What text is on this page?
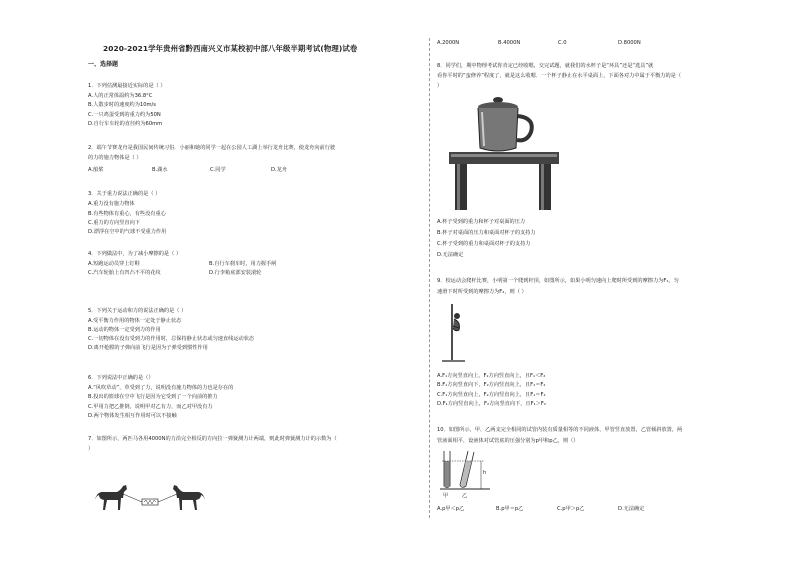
2020-2021学年贵州省黔西南兴义市某校初中部八年级半期考试(物理)试卷
一、选择题
1．下列估测最接近实际的是（ ）
A.人的正常体温约为36.8°C
B.人散步时的速度约为10m/s
C.一只鸡蛋受到的重力约为50N
D.自行车车轮的直径约为60mm
2．端午节赛龙舟是我国民间传统习俗．小丽和她的同学一起在公园人工湖上举行龙舟比赛，使龙舟向前行驶
的力的施力物体是（ ）
A.船桨	B.湖水	C.同学	D.龙舟
3．关于重力说法正确的是（ ）
A.重力没有施力物体
B.有些物体有重心，有些没有重心
C.重力的方向竖直向下
D.漂浮在空中的气球不受重力作用
4．下列做法中，为了减小摩擦的是（ ）
A.短跑运动员穿上钉鞋	B.自行车刹车时，用力握手闸
C.汽车轮胎上有凹凸不平的花纹	D.行李箱底部安装滚轮
5．下列关于运动和力的说法正确的是（ ）
A.受平衡力作用的物体一定处于静止状态
B.运动的物体一定受到力的作用
C.一切物体在没有受到力的作用时，总保持静止状态或匀速直线运动状态
D.离开枪膛的子弹向前飞行是因为子弹受到惯性作用
6．下列说法中正确的是（）
A.“风吹草动”，草受到了力，说明没有施力物体的力也是存在的
B.投出的篮球在空中飞行是因为它受到了一个向前的推力
C.甲用力把乙推倒，说明甲对乙有力，而乙对甲没有力
D.两个物体发生相互作用时可以不接触
7．如图所示，两匹马各用4000N的力沿完全相反的方向拉一弹簧测力计两端，则此时弹簧测力计的示数为（
）
A.2000N	B.4000N	C.0	D.8000N
8．同学们，期中物理考试你肯定已经收嗯，交完试题，就我们的水杯子是“环具”还是“选具”就
看你平时的“蛮修养”程度了，就是这么收嗯．一个杯子静止在水平桌面上，下面各对力中属于平衡力的是（
）
A.杯子受到的重力和杯子对桌面的压力
B.杯子对桌面的压力和桌面对杯子的支持力
C.杯子受到的重力和桌面对杯子的支持力
D.无法确定
9．校运动会爬杆比赛，小明第一个爬到杆顶，如图所示，如果小明匀速向上爬时所受到的摩擦力为F₁，匀
速滑下时所受到的摩擦力为F₂，则（ ）
A.F₁方向竖直向上，F₂方向竖直向上，且F₁＜F₂
B.F₁方向竖直向下，F₂方向竖直向上，且F₁＝F₂
C.F₁方向竖直向上，F₂方向竖直向上，且F₁＝F₂
D.F₁方向竖直向上，F₂方向竖直向下，且F₁＞F₂
10．如图所示，甲、乙两支完全相同的试管内装有质量相等的不同液体，甲管竖直放置，乙管倾斜放置，两
管液面相平，设液体对试管底的压强分别为p甲和p乙，则（）
h
甲	乙
A.p甲＜p乙	B.p甲＝p乙	C.p甲＞p乙	D.无法确定
